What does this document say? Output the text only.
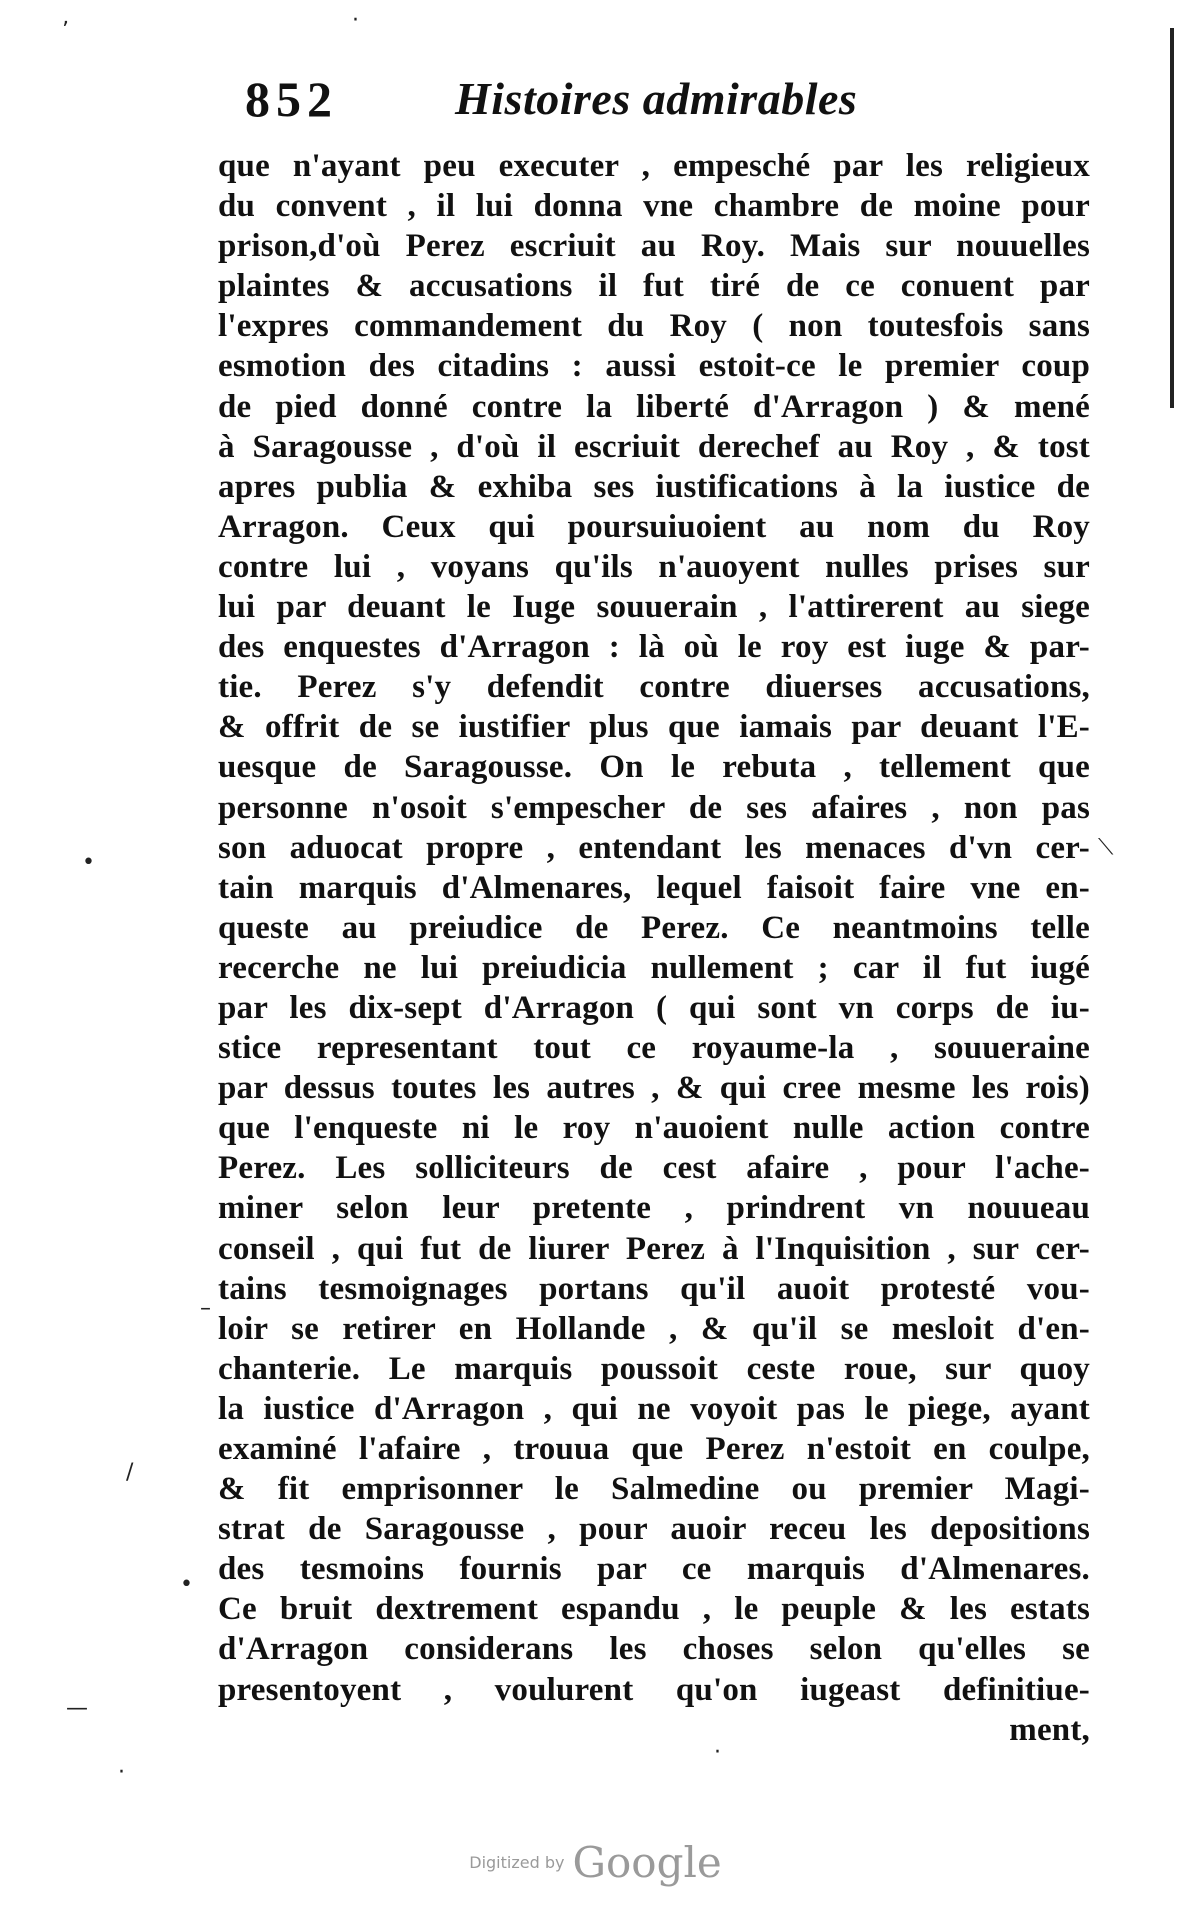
ʼ	·
•
⟍
–
/
•
—
·
·
852	Histoires admirables
que n'ayant peu executer , empesché par les religieux
du convent , il lui donna vne chambre de moine pour
prison,d'où Perez escriuit au Roy. Mais sur nouuelles
plaintes & accusations il fut tiré de ce conuent par
l'expres commandement du Roy ( non toutesfois sans
esmotion des citadins : aussi estoit-ce le premier coup
de pied donné contre la liberté d'Arragon ) & mené
à Saragousse , d'où il escriuit derechef au Roy , & tost
apres publia & exhiba ses iustifications à la iustice de
Arragon. Ceux qui poursuiuoient au nom du Roy
contre lui , voyans qu'ils n'auoyent nulles prises sur
lui par deuant le Iuge souuerain , l'attirerent au siege
des enquestes d'Arragon : là où le roy est iuge & par-
tie. Perez s'y defendit contre diuerses accusations,
& offrit de se iustifier plus que iamais par deuant l'E-
uesque de Saragousse. On le rebuta , tellement que
personne n'osoit s'empescher de ses afaires , non pas
son aduocat propre , entendant les menaces d'vn cer-
tain marquis d'Almenares, lequel faisoit faire vne en-
queste au preiudice de Perez. Ce neantmoins telle
recerche ne lui preiudicia nullement ; car il fut iugé
par les dix-sept d'Arragon ( qui sont vn corps de iu-
stice representant tout ce royaume-la , souueraine
par dessus toutes les autres , & qui cree mesme les rois)
que l'enqueste ni le roy n'auoient nulle action contre
Perez. Les solliciteurs de cest afaire , pour l'ache-
miner selon leur pretente , prindrent vn nouueau
conseil , qui fut de liurer Perez à l'Inquisition , sur cer-
tains tesmoignages portans qu'il auoit protesté vou-
loir se retirer en Hollande , & qu'il se mesloit d'en-
chanterie. Le marquis poussoit ceste roue, sur quoy
la iustice d'Arragon , qui ne voyoit pas le piege, ayant
examiné l'afaire , trouua que Perez n'estoit en coulpe,
& fit emprisonner le Salmedine ou premier Magi-
strat de Saragousse , pour auoir receu les depositions
des tesmoins fournis par ce marquis d'Almenares.
Ce bruit dextrement espandu , le peuple & les estats
d'Arragon considerans les choses selon qu'elles se
presentoyent , voulurent qu'on iugeast definitiue-
ment,
Digitized by Google
